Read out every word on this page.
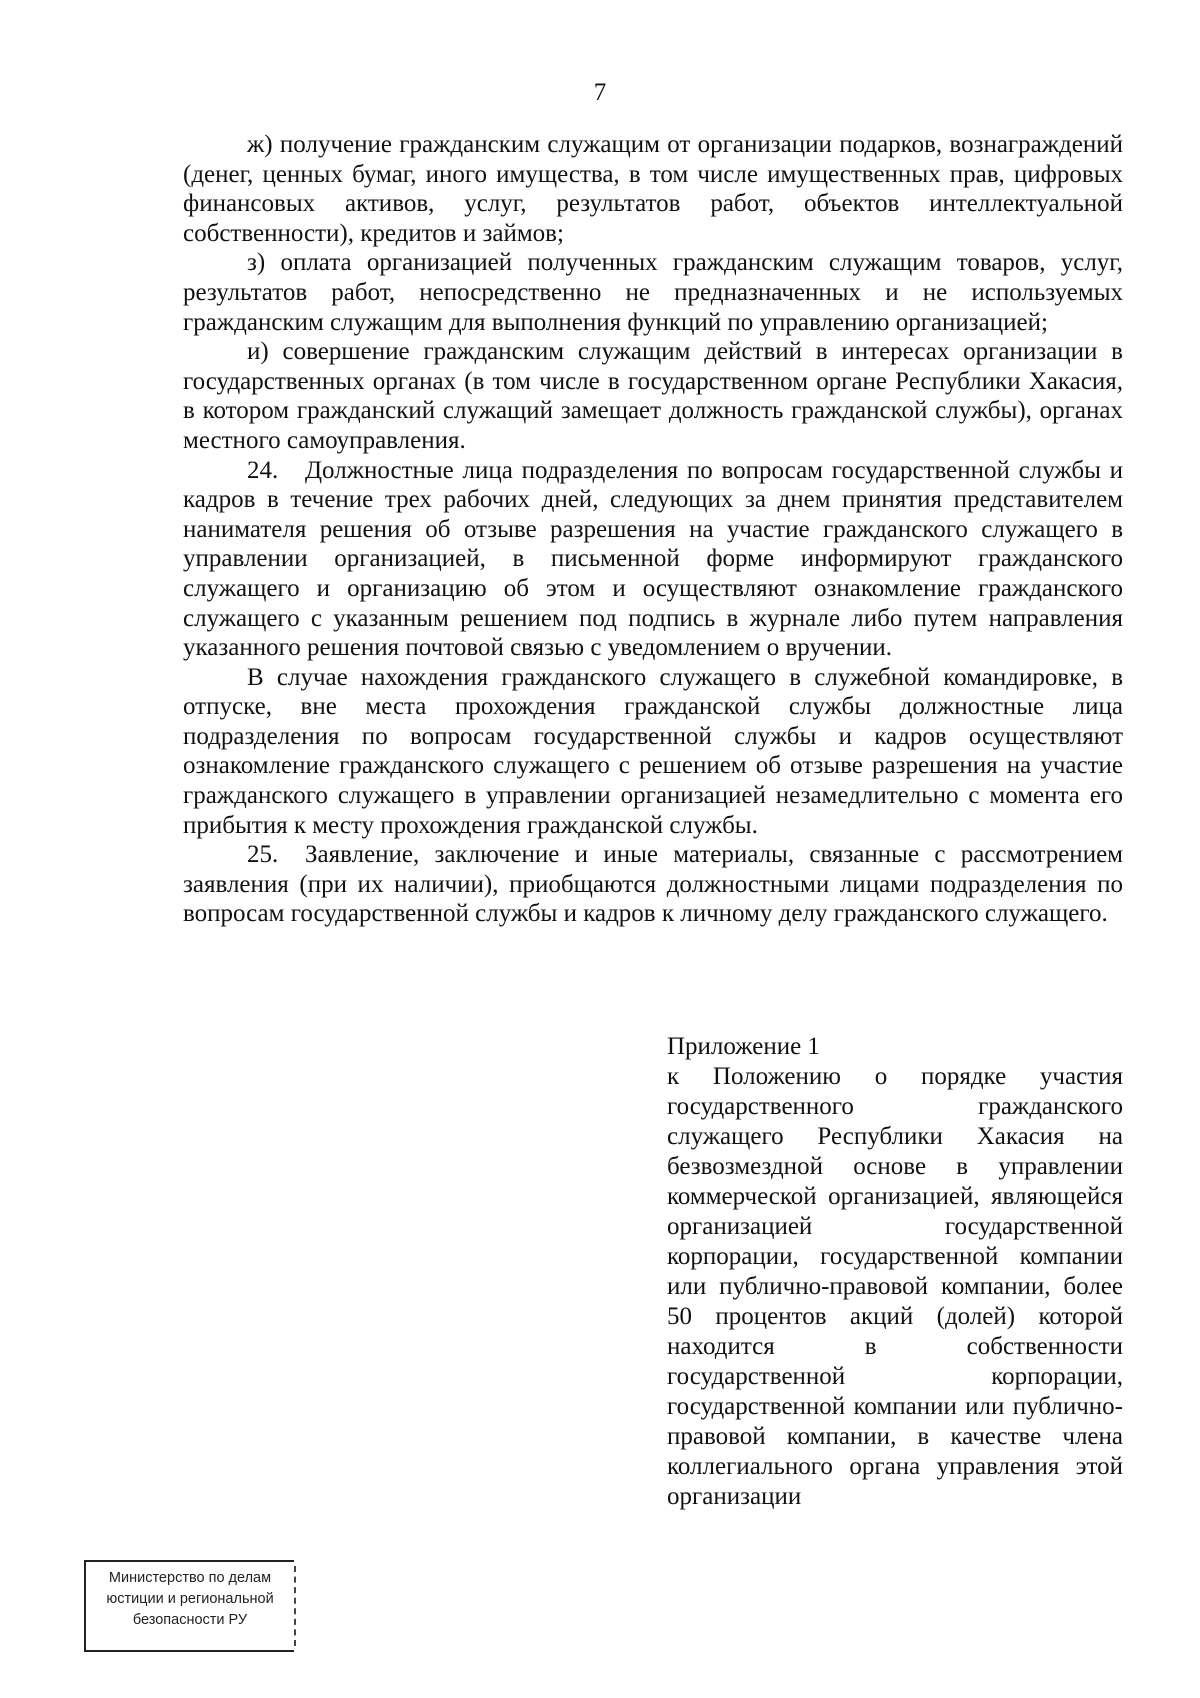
7

ж) получение гражданским служащим от организации подарков, вознаграждений (денег, ценных бумаг, иного имущества, в том числе имущественных прав, цифровых финансовых активов, услуг, результатов работ, объектов интеллектуальной собственности), кредитов и займов;

з) оплата организацией полученных гражданским служащим товаров, услуг, результатов работ, непосредственно не предназначенных и не используемых гражданским служащим для выполнения функций по управлению организацией;

и) совершение гражданским служащим действий в интересах организации в государственных органах (в том числе в государственном органе Республики Хакасия, в котором гражданский служащий замещает должность гражданской службы), органах местного самоуправления.

24. Должностные лица подразделения по вопросам государственной службы и кадров в течение трех рабочих дней, следующих за днем принятия представителем нанимателя решения об отзыве разрешения на участие гражданского служащего в управлении организацией, в письменной форме информируют гражданского служащего и организацию об этом и осуществляют ознакомление гражданского служащего с указанным решением под подпись в журнале либо путем направления указанного решения почтовой связью с уведомлением о вручении.

В случае нахождения гражданского служащего в служебной командировке, в отпуске, вне места прохождения гражданской службы должностные лица подразделения по вопросам государственной службы и кадров осуществляют ознакомление гражданского служащего с решением об отзыве разрешения на участие гражданского служащего в управлении организацией незамедлительно с момента его прибытия к месту прохождения гражданской службы.

25. Заявление, заключение и иные материалы, связанные с рассмотрением заявления (при их наличии), приобщаются должностными лицами подразделения по вопросам государственной службы и кадров к личному делу гражданского служащего.

Приложение 1

к Положению о порядке участия государственного гражданского служащего Республики Хакасия на безвозмездной основе в управлении коммерческой организацией, являющейся организацией государственной корпорации, государственной компании или публично-правовой компании, более 50 процентов акций (долей) которой находится в собственности государственной корпорации, государственной компании или публично-правовой компании, в качестве члена коллегиального органа управления этой организации

Министерство по делам
юстиции и региональной
безопасности РУ
